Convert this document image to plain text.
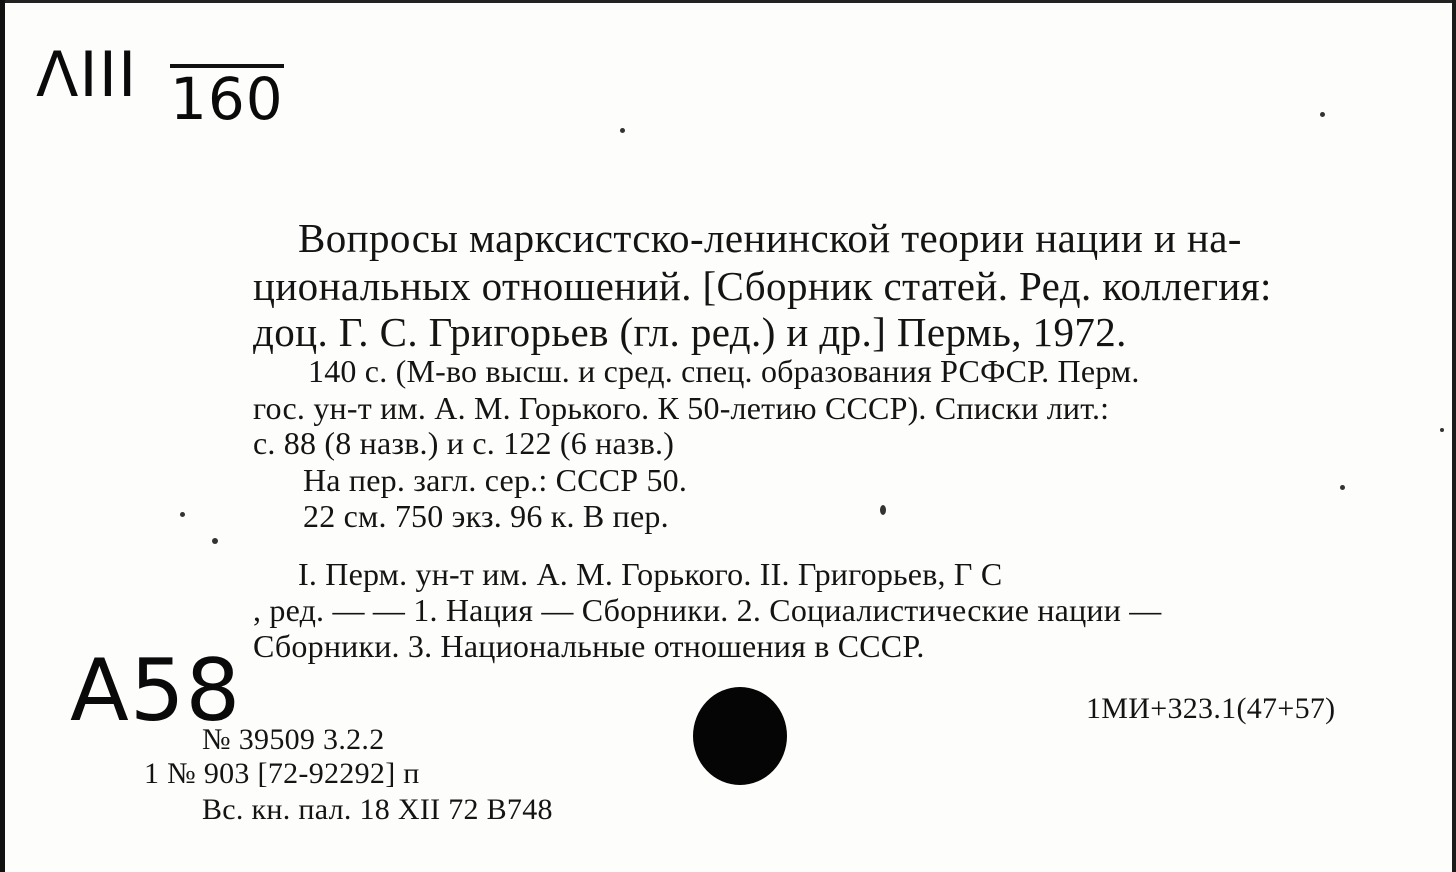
ΛIII 160
Вопросы марксистско-ленинской теории нации и на-
циональных отношений. [Сборник статей. Ред. коллегия:
доц. Г. С. Григорьев (гл. ред.) и др.] Пермь, 1972.
140 с. (М-во высш. и сред. спец. образования РСФСР. Перм.
гос. ун-т им. А. М. Горького. К 50-летию СССР). Списки лит.:
с. 88 (8 назв.) и с. 122 (6 назв.)
На пер. загл. сер.: СССР 50.
22 см. 750 экз. 96 к. В пер.
I. Перм. ун-т им. А. М. Горького. II. Григорьев, Г С
, ред. — — 1. Нация — Сборники. 2. Социалистические нации —
Сборники. 3. Национальные отношения в СССР.
A58	1МИ+323.1(47+57)
№ 39509 3.2.2
1 № 903 [72-92292] п
Вс. кн. пал. 18 XII 72 B748
